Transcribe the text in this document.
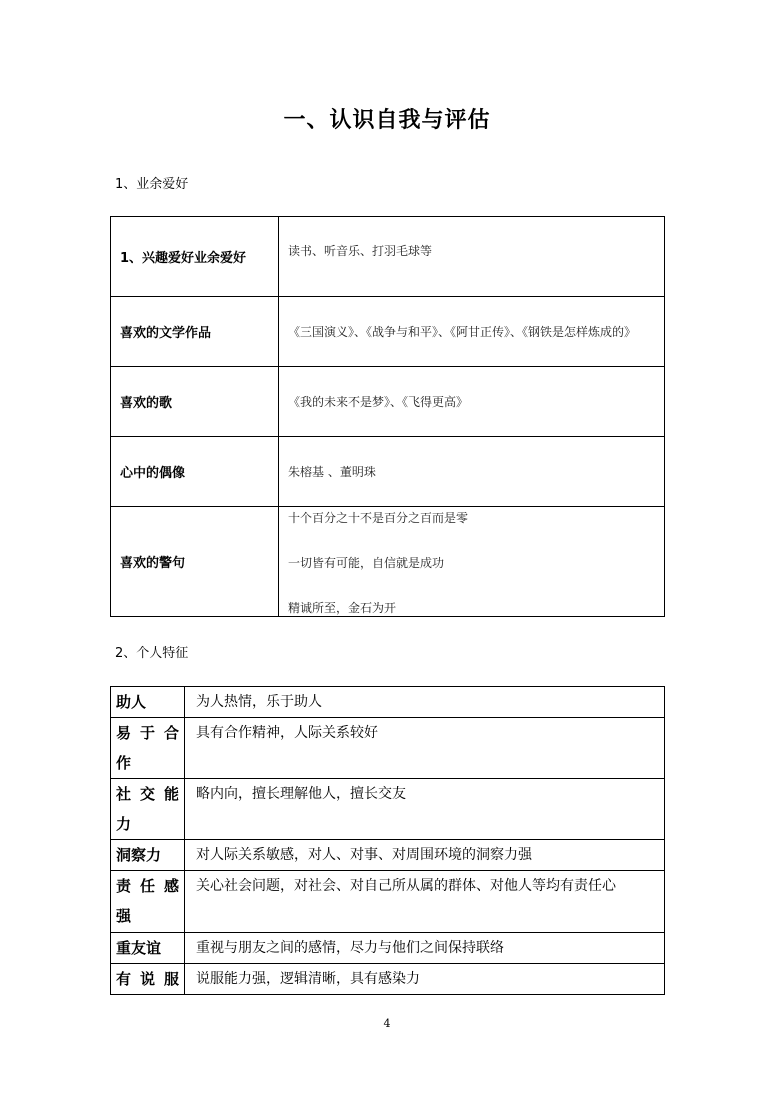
一、认识自我与评估

1、业余爱好

1、兴趣爱好业余爱好	读书、听音乐、打羽毛球等
喜欢的文学作品	《三国演义》、《战争与和平》、《阿甘正传》、《钢铁是怎样炼成的》
喜欢的歌	《我的未来不是梦》、《飞得更高》
心中的偶像	朱榕基 、董明珠
喜欢的警句	十个百分之十不是百分之百而是零
一切皆有可能，自信就是成功
精诚所至，金石为开

2、个人特征

助人	为人热情，乐于助人

易于合
作	具有合作精神，人际关系较好

社交能
力	略内向，擅长理解他人，擅长交友

洞察力	对人际关系敏感，对人、对事、对周围环境的洞察力强

责任感
强	关心社会问题，对社会、对自己所从属的群体、对他人等均有责任心

重友谊	重视与朋友之间的感情，尽力与他们之间保持联络

有说服	说服能力强，逻辑清晰，具有感染力

4
